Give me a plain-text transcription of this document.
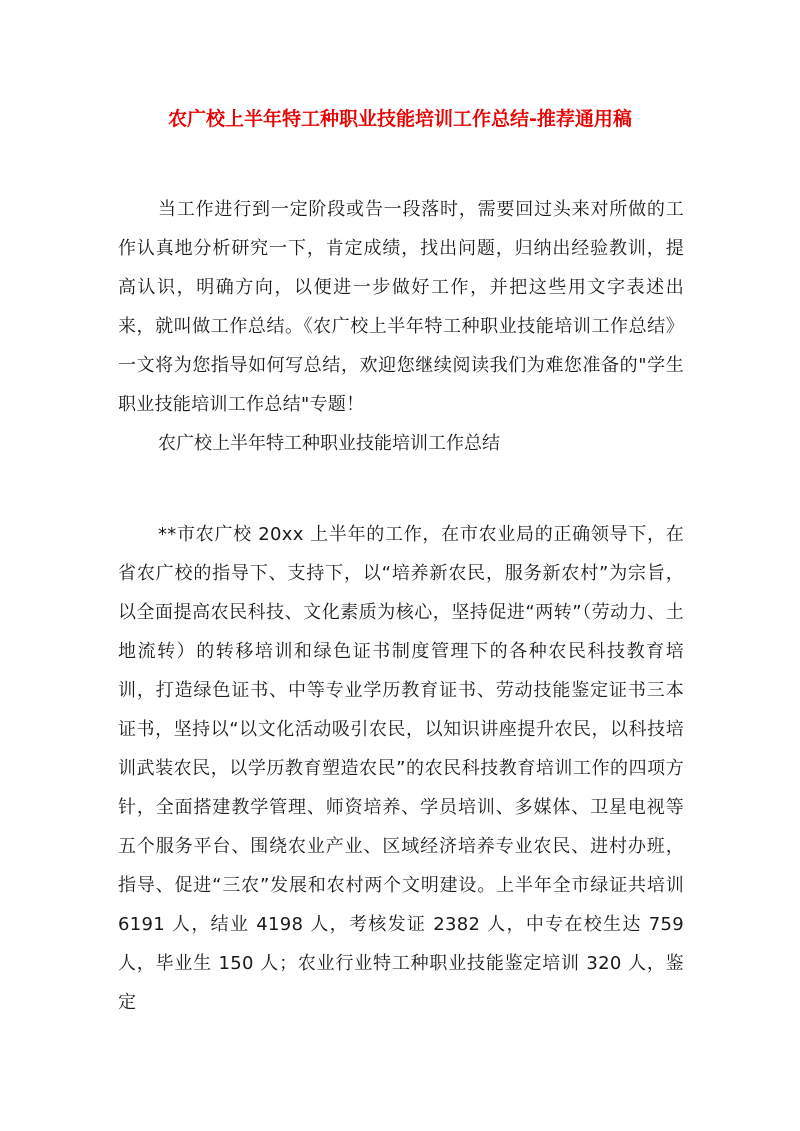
农广校上半年特工种职业技能培训工作总结-推荐通用稿

当工作进行到一定阶段或告一段落时，需要回过头来对所做的工作认真地分析研究一下，肯定成绩，找出问题，归纳出经验教训，提高认识，明确方向，以便进一步做好工作，并把这些用文字表述出来，就叫做工作总结。《农广校上半年特工种职业技能培训工作总结》一文将为您指导如何写总结，欢迎您继续阅读我们为难您准备的"学生职业技能培训工作总结"专题！

农广校上半年特工种职业技能培训工作总结

**市农广校 20xx 上半年的工作，在市农业局的正确领导下，在省农广校的指导下、支持下，以“培养新农民，服务新农村”为宗旨，以全面提高农民科技、文化素质为核心，坚持促进“两转”（劳动力、土地流转）的转移培训和绿色证书制度管理下的各种农民科技教育培训，打造绿色证书、中等专业学历教育证书、劳动技能鉴定证书三本证书，坚持以“以文化活动吸引农民，以知识讲座提升农民，以科技培训武装农民，以学历教育塑造农民”的农民科技教育培训工作的四项方针，全面搭建教学管理、师资培养、学员培训、多媒体、卫星电视等五个服务平台、围绕农业产业、区域经济培养专业农民、进村办班，指导、促进“三农”发展和农村两个文明建设。上半年全市绿证共培训 6191 人，结业 4198 人，考核发证 2382 人，中专在校生达 759 人，毕业生 150 人；农业行业特工种职业技能鉴定培训 320 人，鉴定
